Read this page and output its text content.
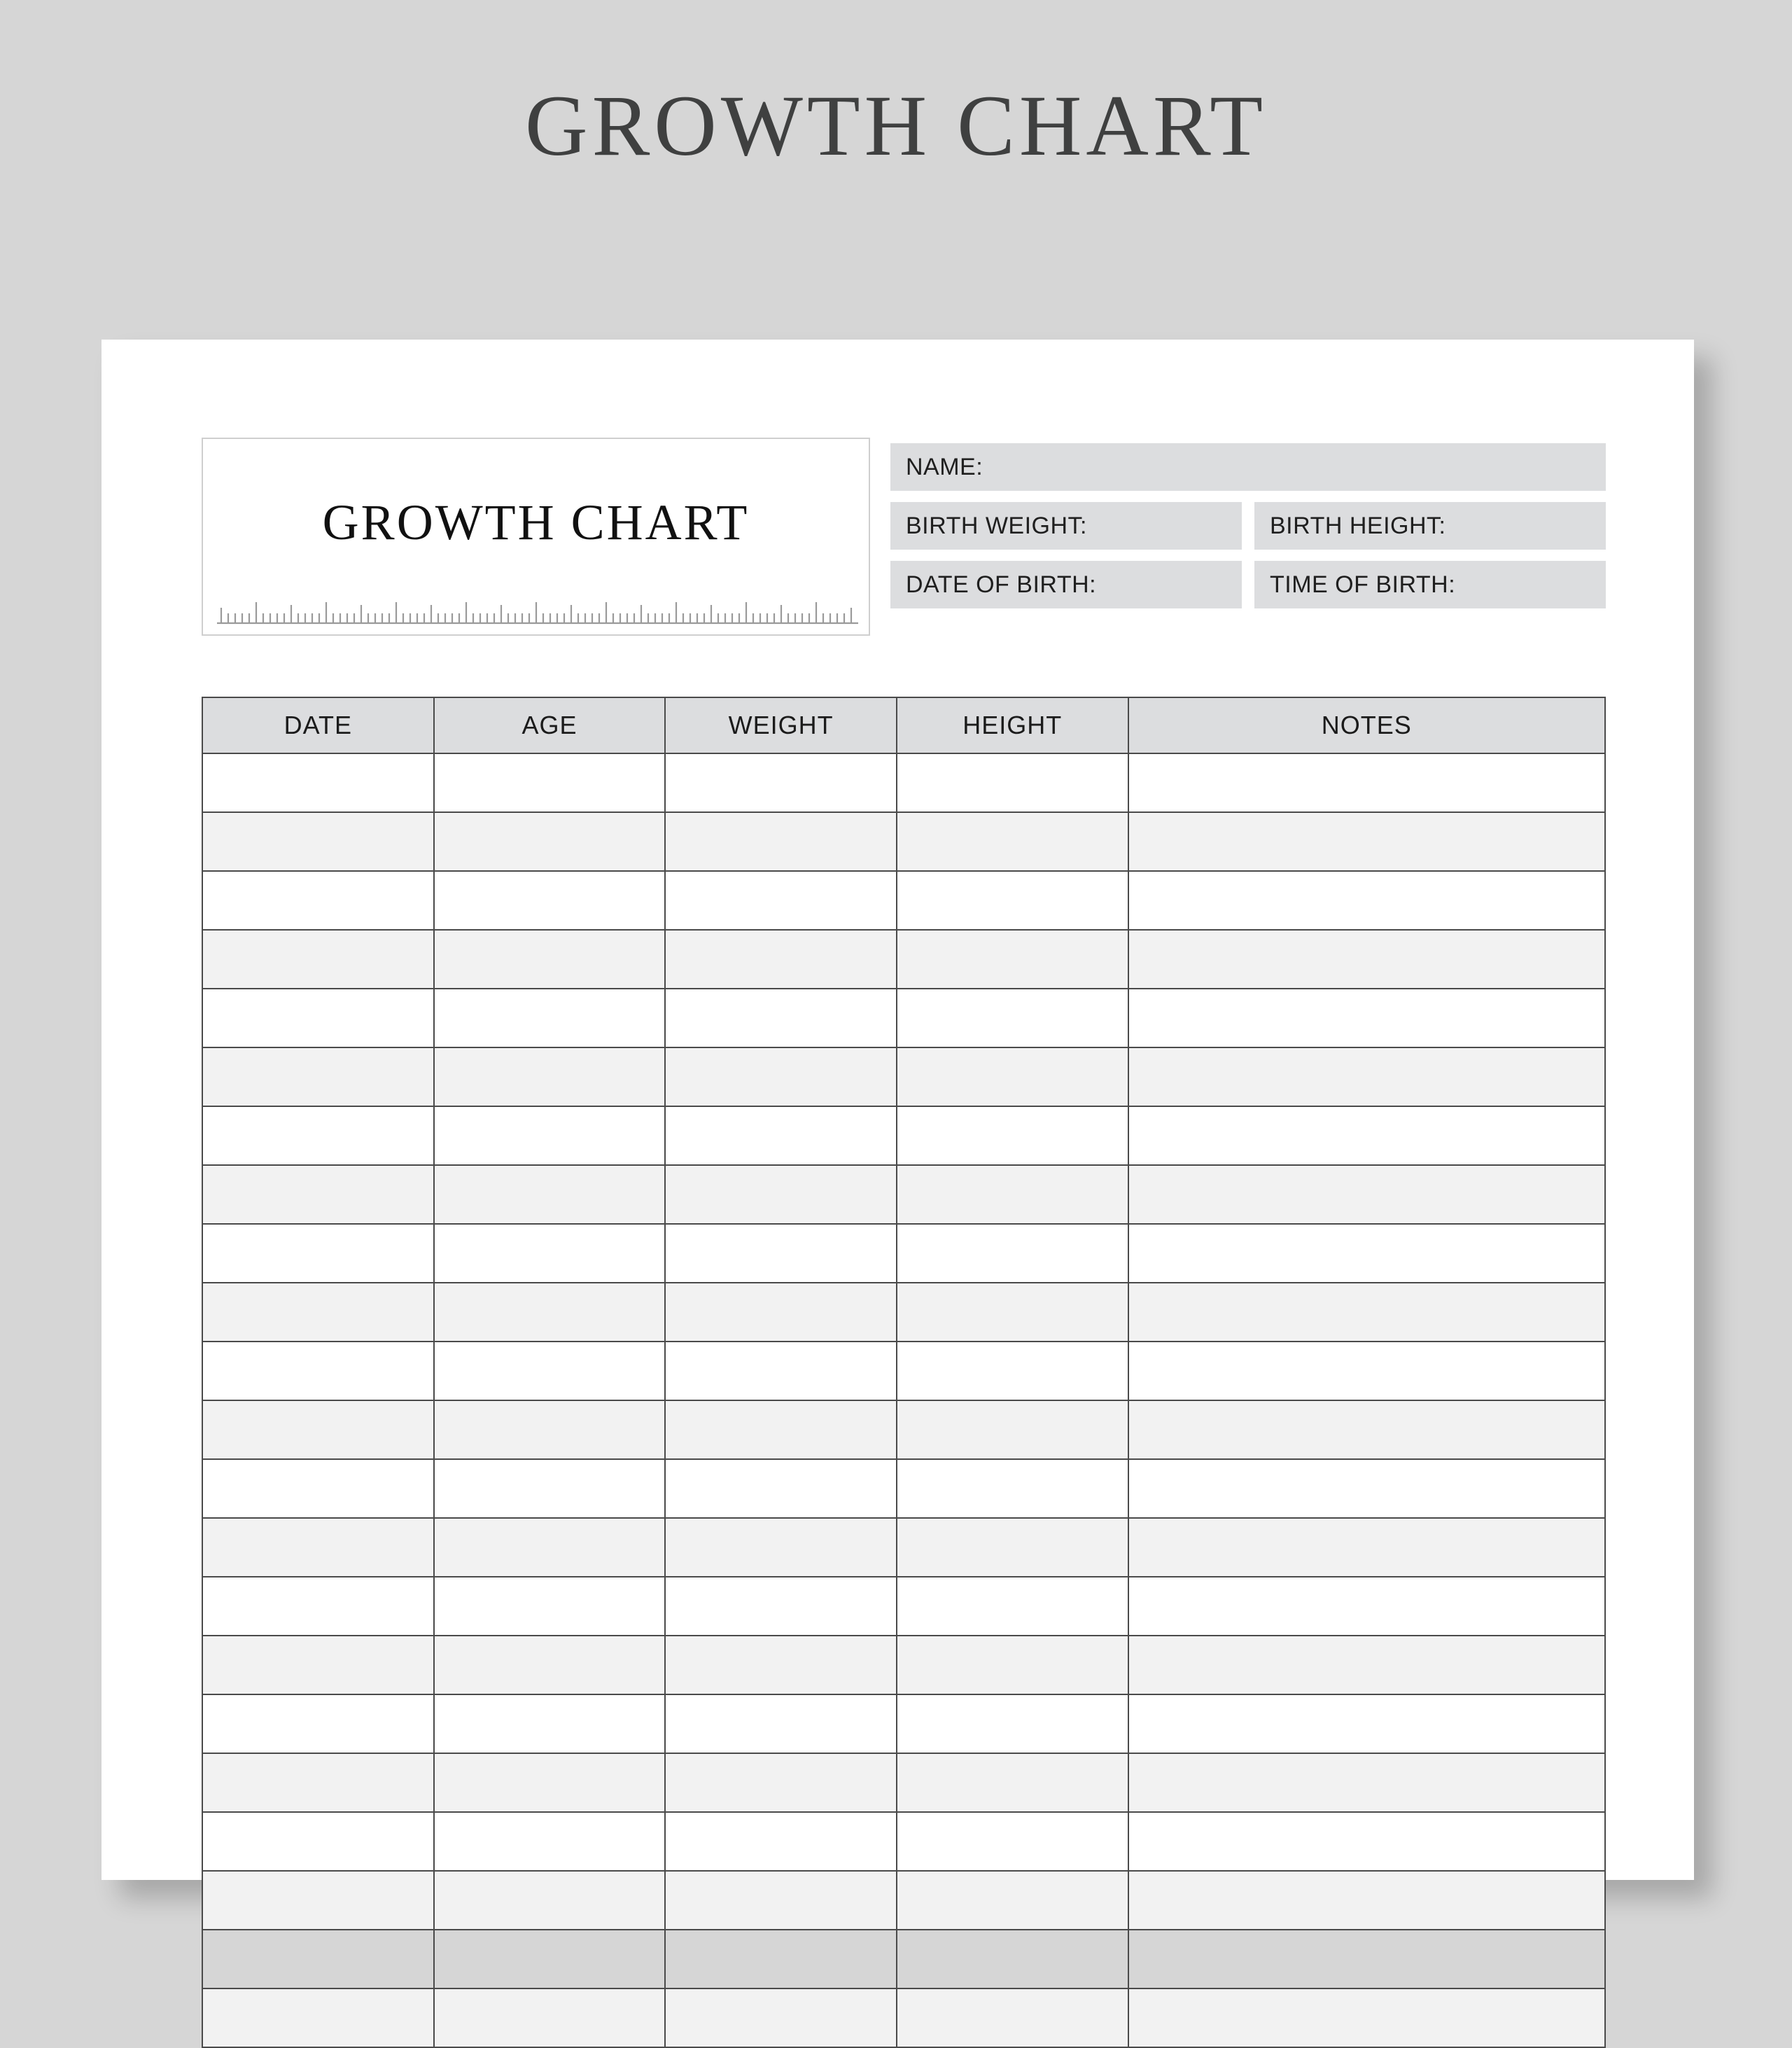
GROWTH CHART
GROWTH CHART
NAME:
BIRTH WEIGHT:	BIRTH HEIGHT:
DATE OF BIRTH:	TIME OF BIRTH:
DATE	AGE	WEIGHT	HEIGHT	NOTES
